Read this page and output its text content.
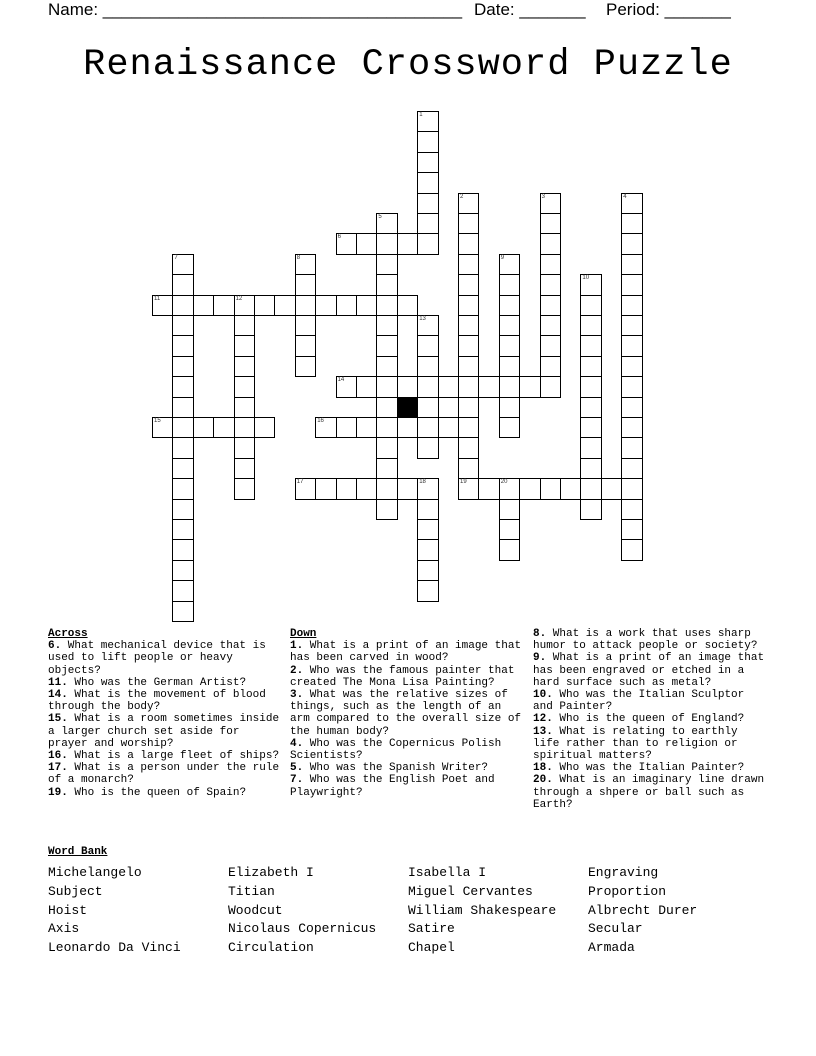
Name: ______________________________________ Date: _______ Period: _______
Renaissance Crossword Puzzle
1
2
19
3	4
5
7	8	9
10
12
13
18	20
6
11
14
15	16
17
Across
6. What mechanical device that is used to lift people or heavy objects?
11. Who was the German Artist?
14. What is the movement of blood through the body?
15. What is a room sometimes inside a larger church set aside for prayer and worship?
16. What is a large fleet of ships?
17. What is a person under the rule of a monarch?
19. Who is the queen of Spain?
Down
1. What is a print of an image that has been carved in wood?
2. Who was the famous painter that created The Mona Lisa Painting?
3. What was the relative sizes of things, such as the length of an arm compared to the overall size of the human body?
4. Who was the Copernicus Polish Scientists?
5. Who was the Spanish Writer?
7. Who was the English Poet and Playwright?
8. What is a work that uses sharp humor to attack people or society?
9. What is a print of an image that has been engraved or etched in a hard surface such as metal?
10. Who was the Italian Sculptor and Painter?
12. Who is the queen of England?
13. What is relating to earthly life rather than to religion or spiritual matters?
18. Who was the Italian Painter?
20. What is an imaginary line drawn through a shpere or ball such as Earth?
Word Bank
Michelangelo
Subject
Hoist
Axis
Leonardo Da Vinci
Elizabeth I
Titian
Woodcut
Nicolaus Copernicus
Circulation
Isabella I
Miguel Cervantes
William Shakespeare
Satire
Chapel
Engraving
Proportion
Albrecht Durer
Secular
Armada
